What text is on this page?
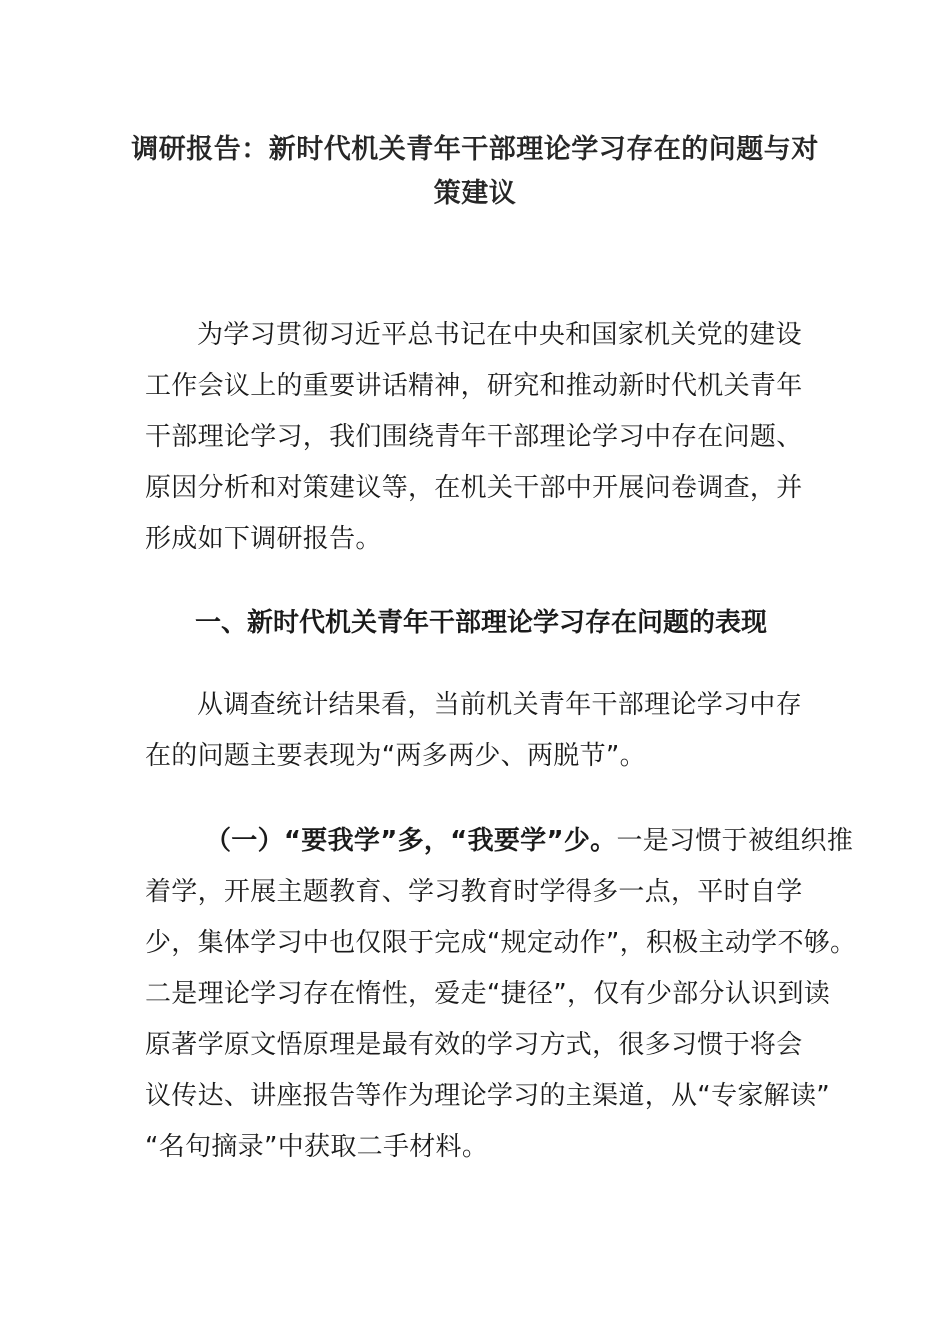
调研报告：新时代机关青年干部理论学习存在的问题与对
策建议
为学习贯彻习近平总书记在中央和国家机关党的建设
工作会议上的重要讲话精神，研究和推动新时代机关青年
干部理论学习，我们围绕青年干部理论学习中存在问题、
原因分析和对策建议等，在机关干部中开展问卷调查，并
形成如下调研报告。
一、新时代机关青年干部理论学习存在问题的表现
从调查统计结果看，当前机关青年干部理论学习中存
在的问题主要表现为“两多两少、两脱节”。
（一）“要我学”多，“我要学”少。一是习惯于被组织推
着学，开展主题教育、学习教育时学得多一点，平时自学
少，集体学习中也仅限于完成“规定动作”，积极主动学不够。
二是理论学习存在惰性，爱走“捷径”，仅有少部分认识到读
原著学原文悟原理是最有效的学习方式，很多习惯于将会
议传达、讲座报告等作为理论学习的主渠道，从“专家解读”
“名句摘录”中获取二手材料。
